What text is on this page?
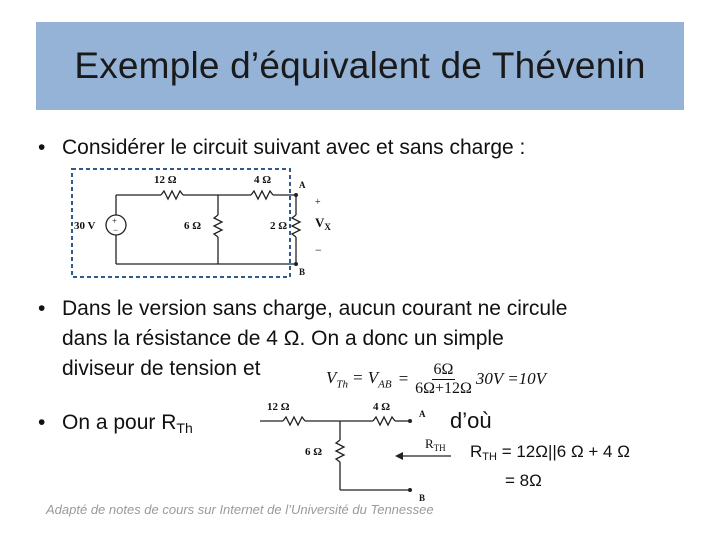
Exemple d’équivalent de Thévenin
• Considérer le circuit suivant avec et sans charge :
+
−
30 V
12 Ω	4 Ω
6 Ω	2 Ω
A
B
+
−
$V_X$
• Dans le version sans charge, aucun courant ne circule
dans la résistance de 4 Ω. On a donc un simple
diviseur de tension et	$V_{Th} = V_{AB} = \frac{6\Omega}{6\Omega+12\Omega} 30V =10V$
• On a pour $R_{Th}$
12 Ω	4 Ω
6 Ω
A
B
$R_{TH}$
d’où
RTH = 12Ω||6 Ω + 4 Ω
= 8Ω
Adapté de notes de cours sur Internet de l’Université du Tennessee
